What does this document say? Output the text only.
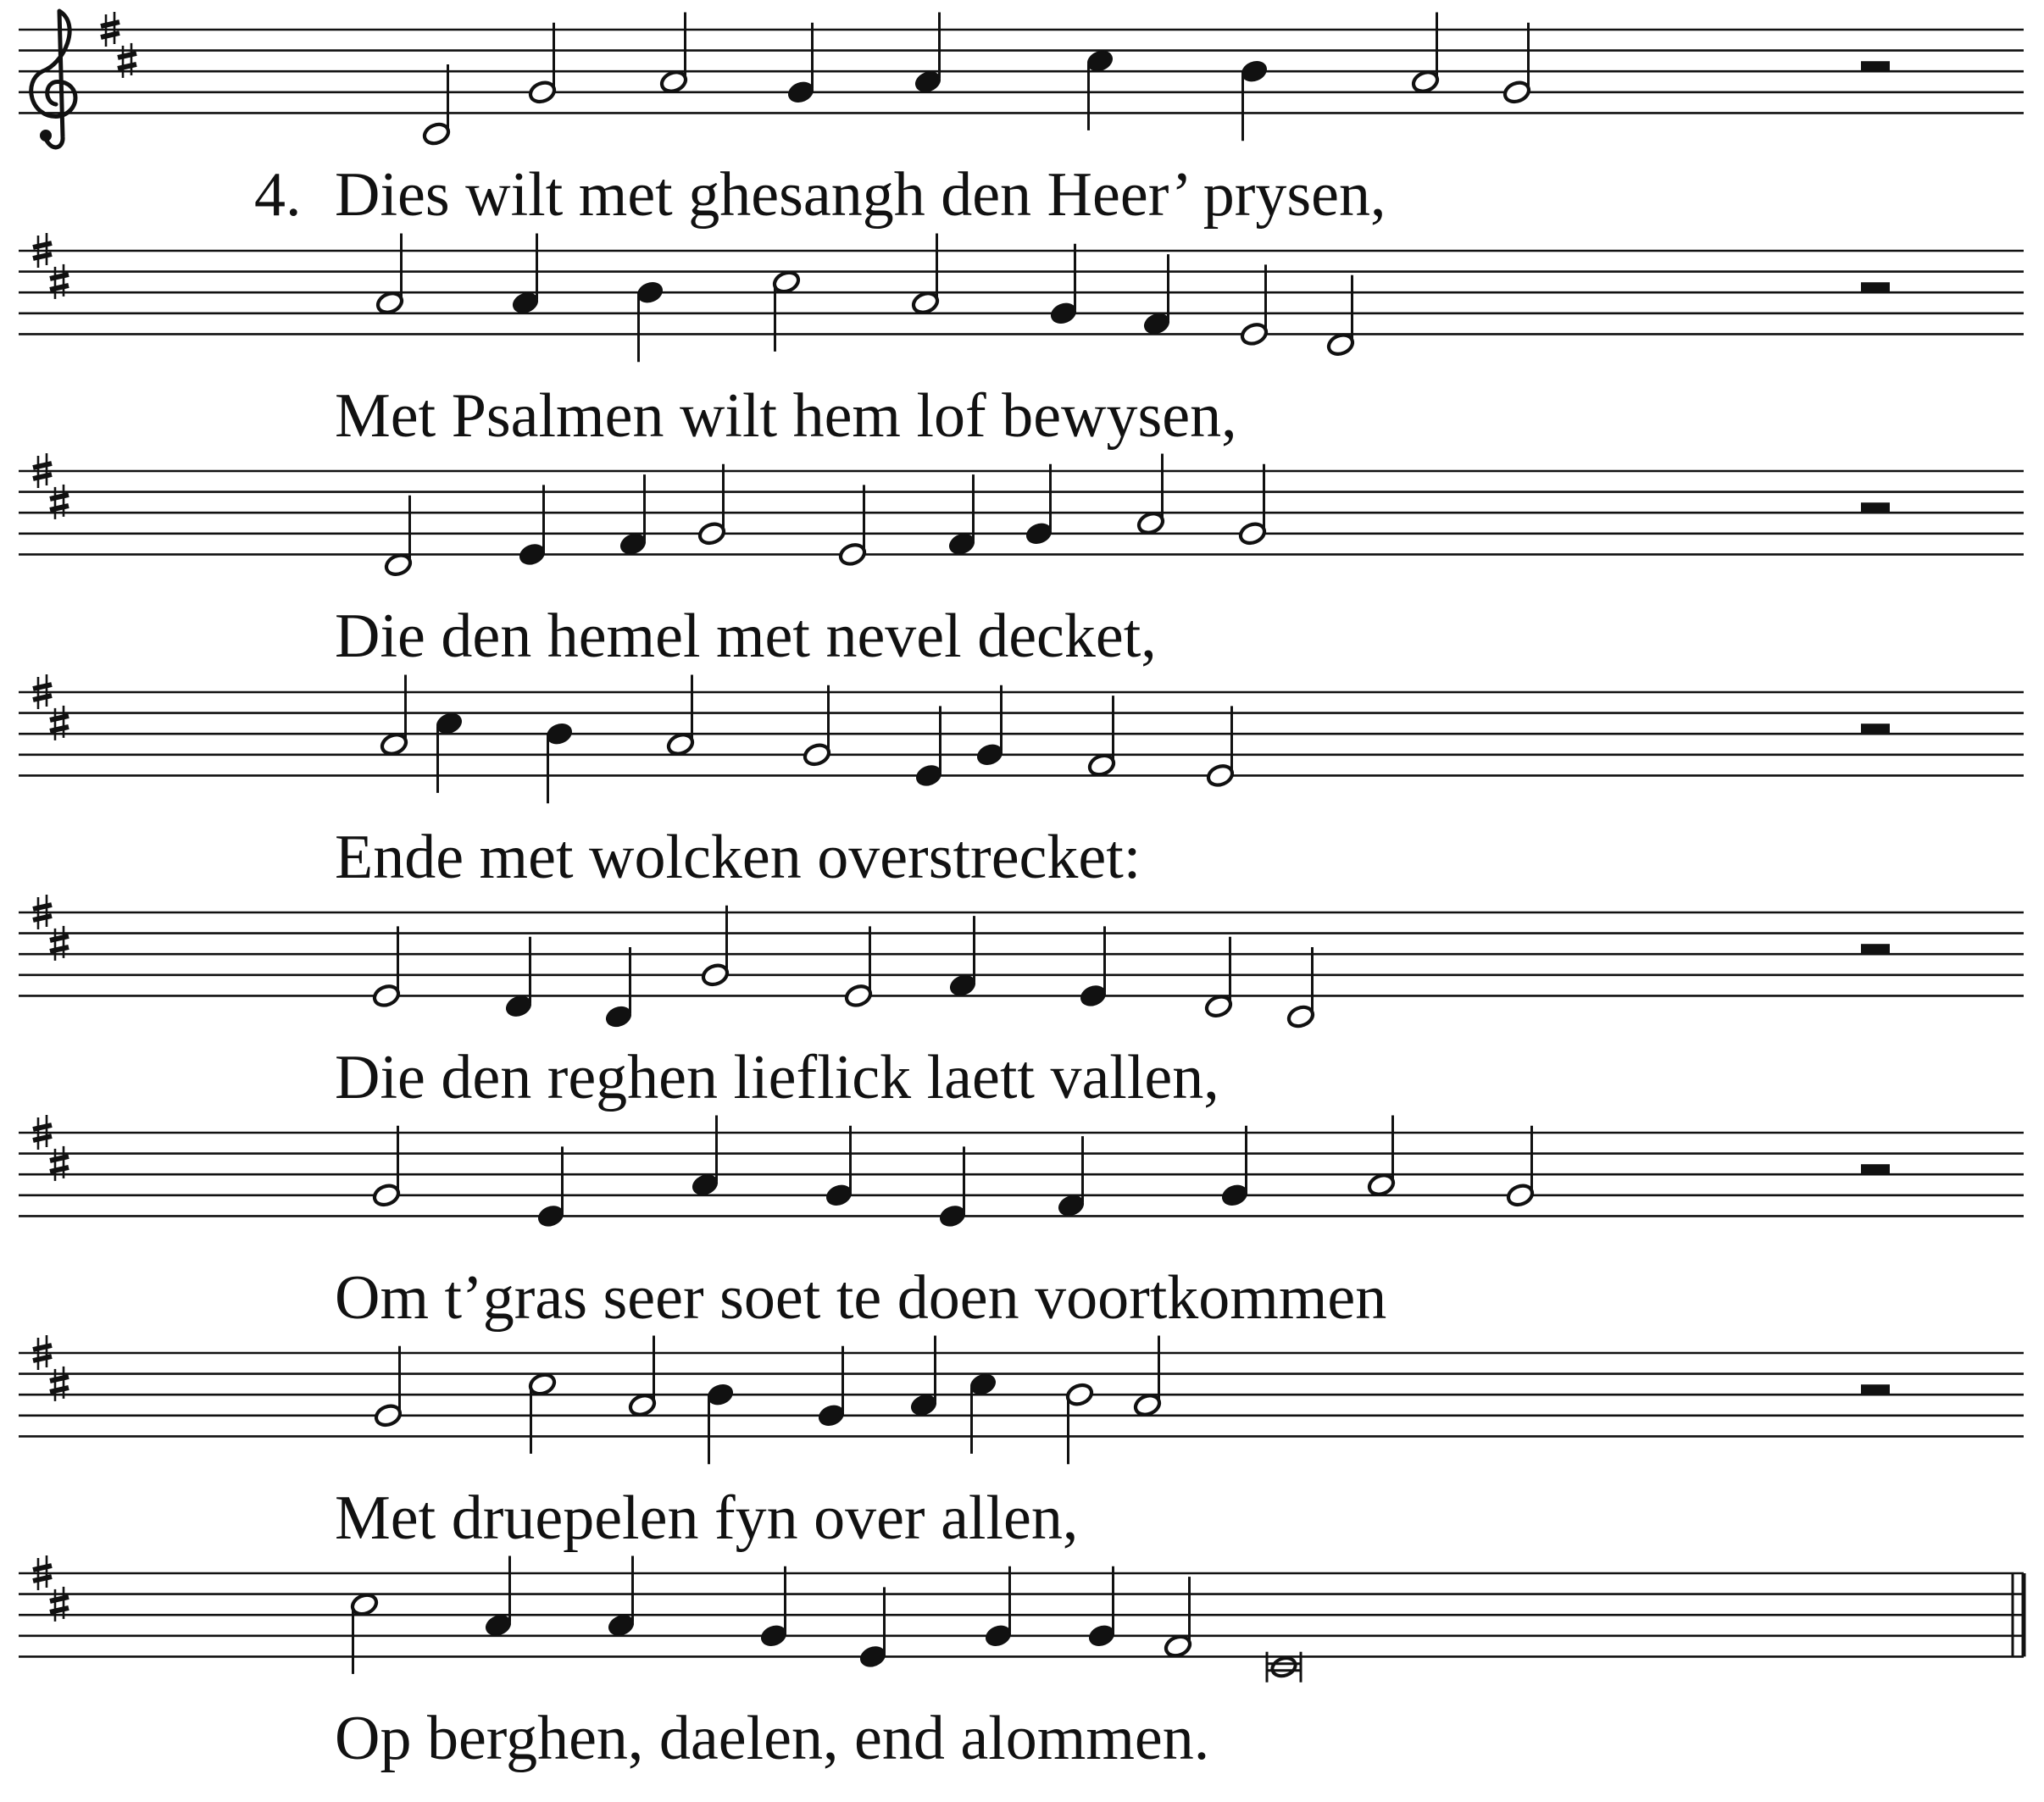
Dies wilt met ghesangh den Heer’ prysen,
Met Psalmen wilt hem lof bewysen,
Die den hemel met nevel decket,
Ende met wolcken overstrecket:
Die den reghen lieflick laett vallen,
Om t’gras seer soet te doen voortkommen
Met druepelen fyn over allen,
Op berghen, daelen, end alommen.
4.
